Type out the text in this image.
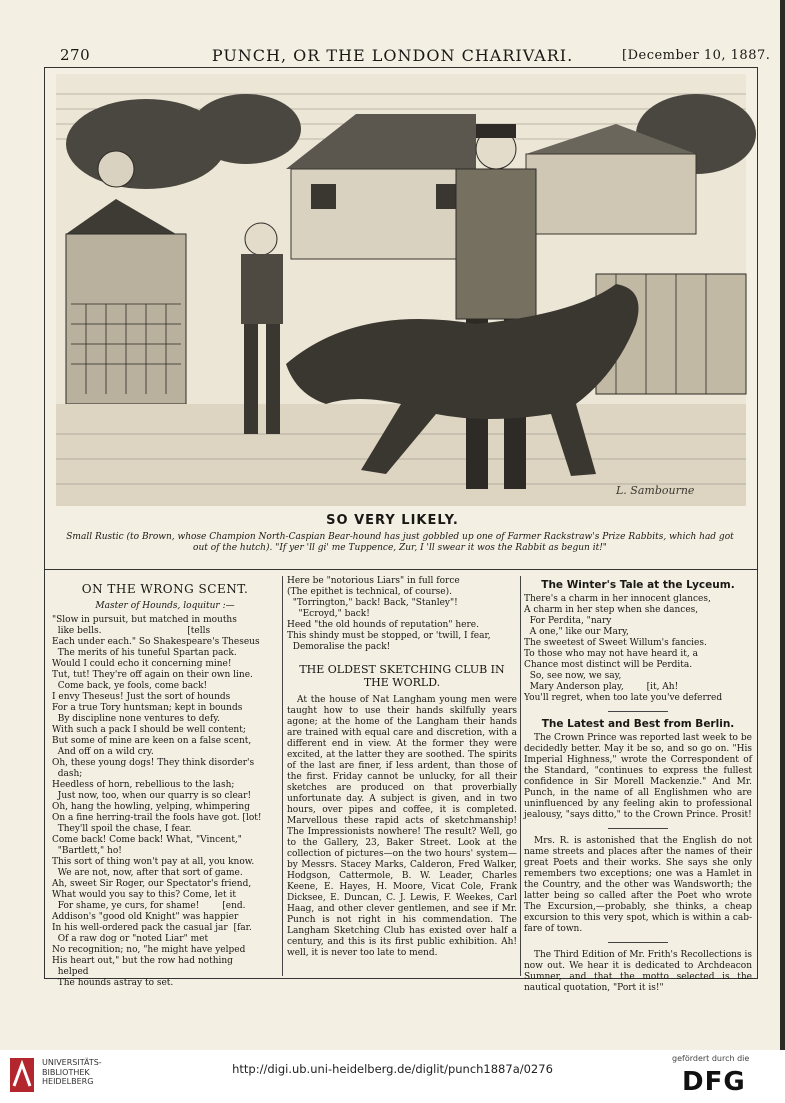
270	PUNCH, OR THE LONDON CHARIVARI.	[December 10, 1887.
L. Sambourne
SO VERY LIKELY.
Small Rustic (to Brown, whose Champion North-Caspian Bear-hound has just gobbled up one of Farmer Rackstraw's Prize Rabbits, which had got out of the hutch). "If yer 'll gi' me Tuppence, Zur, I 'll swear it wos the Rabbit as begun it!"

ON THE WRONG SCENT.

Master of Hounds, loquitur :—

"Slow in pursuit, but matched in mouths

like bells.                              [tells

Each under each." So Shakespeare's Theseus

The merits of his tuneful Spartan pack.

Would I could echo it concerning mine!

Tut, tut! They're off again on their own line.

Come back, ye fools, come back!

I envy Theseus! Just the sort of hounds

For a true Tory huntsman; kept in bounds

By discipline none ventures to defy.

With such a pack I should be well content;

But some of mine are keen on a false scent,

And off on a wild cry.

Oh, these young dogs! They think disorder's

dash;

Heedless of horn, rebellious to the lash;

Just now, too, when our quarry is so clear!

Oh, hang the howling, yelping, whimpering

On a fine herring-trail the fools have got. [lot!

They'll spoil the chase, I fear.

Come back! Come back! What, "Vincent,"

"Bartlett," ho!

This sort of thing won't pay at all, you know.

We are not, now, after that sort of game.

Ah, sweet Sir Roger, our Spectator's friend,

What would you say to this? Come, let it

For shame, ye curs, for shame!        [end.

Addison's "good old Knight" was happier

In his well-ordered pack the casual jar  [far.

Of a raw dog or "noted Liar" met

No recognition; no, "he might have yelped

His heart out," but the row had nothing

helped

The hounds astray to set.

Here be "notorious Liars" in full force

(The epithet is technical, of course).

"Torrington," back! Back, "Stanley"!

"Ecroyd," back!

Heed "the old hounds of reputation" here.

This shindy must be stopped, or 'twill, I fear,

Demoralise the pack!

THE OLDEST SKETCHING CLUB IN THE WORLD.

At the house of Nat Langham young men were taught how to use their hands skilfully years agone; at the home of the Langham their hands are trained with equal care and discretion, with a different end in view. At the former they were excited, at the latter they are soothed. The spirits of the last are finer, if less ardent, than those of the first. Friday cannot be unlucky, for all their sketches are produced on that proverbially unfortunate day. A subject is given, and in two hours, over pipes and coffee, it is completed. Marvellous these rapid acts of sketchmanship! The Impressionists nowhere! The result? Well, go to the Gallery, 23, Baker Street. Look at the collection of pictures—on the two hours' system—by Messrs. Stacey Marks, Calderon, Fred Walker, Hodgson, Cattermole, B. W. Leader, Charles Keene, E. Hayes, H. Moore, Vicat Cole, Frank Dicksee, E. Duncan, C. J. Lewis, F. Weekes, Carl Haag, and other clever gentlemen, and see if Mr. Punch is not right in his commendation. The Langham Sketching Club has existed over half a century, and this is its first public exhibition. Ah! well, it is never too late to mend.

The Winter's Tale at the Lyceum.

There's a charm in her innocent glances,

A charm in her step when she dances,

For Perdita, "nary

A one," like our Mary,

The sweetest of Sweet Willum's fancies.

To those who may not have heard it, a

Chance most distinct will be Perdita.

So, see now, we say,

Mary Anderson play,        [it, Ah!

You'll regret, when too late you've deferred

The Latest and Best from Berlin.

The Crown Prince was reported last week to be decidedly better. May it be so, and so go on. "His Imperial Highness," wrote the Correspondent of the Standard, "continues to express the fullest confidence in Sir Morell Mackenzie." And Mr. Punch, in the name of all Englishmen who are uninfluenced by any feeling akin to professional jealousy, "says ditto," to the Crown Prince. Prosit!

Mrs. R. is astonished that the English do not name streets and places after the names of their great Poets and their works. She says she only remembers two exceptions; one was a Hamlet in the Country, and the other was Wandsworth; the latter being so called after the Poet who wrote The Excursion,—probably, she thinks, a cheap excursion to this very spot, which is within a cab-fare of town.

The Third Edition of Mr. Frith's Recollections is now out. We hear it is dedicated to Archdeacon Sumner, and that the motto selected is the nautical quotation, "Port it is!"

UNIVERSITÄTS-
BIBLIOTHEK
HEIDELBERG
http://digi.ub.uni-heidelberg.de/diglit/punch1887a/0276
gefördert durch die
DFG
